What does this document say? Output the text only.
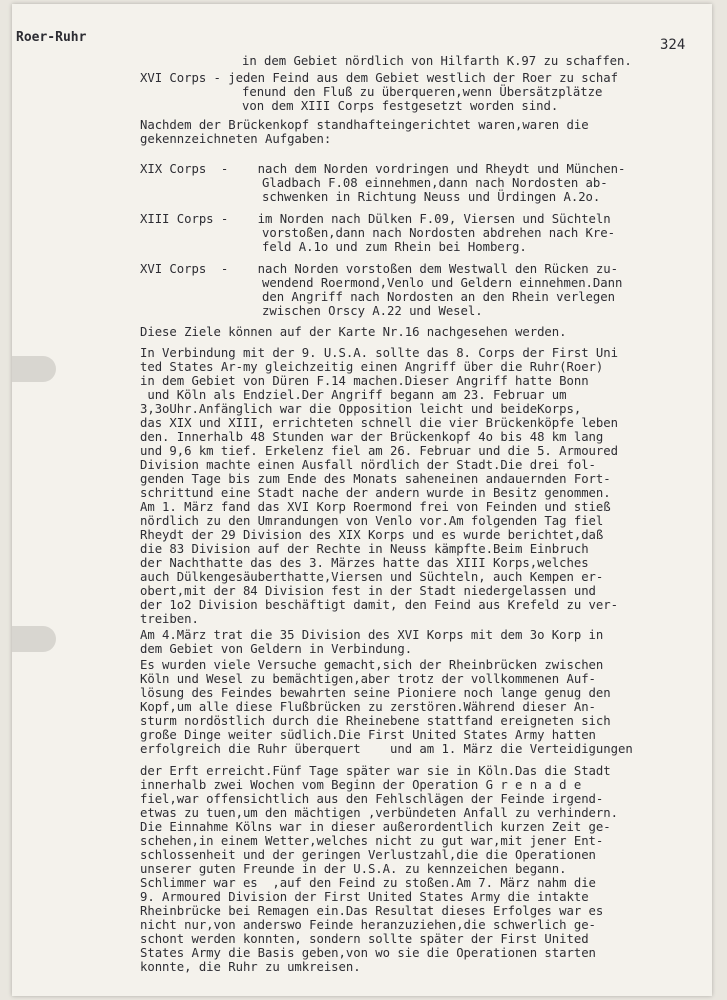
Roer-Ruhr	324
in dem Gebiet nördlich von Hilfarth K.97 zu schaffen.
XVI Corps - jeden Feind aus dem Gebiet westlich der Roer zu schaf
fenund den Fluß zu überqueren,wenn Übersätzplätze
von dem XIII Corps festgesetzt worden sind.
Nachdem der Brückenkopf standhafteingerichtet waren,waren die
gekennzeichneten Aufgaben:
XIX Corps  -    nach dem Norden vordringen und Rheydt und München-
Gladbach F.08 einnehmen,dann nach Nordosten ab-
schwenken in Richtung Neuss und Ürdingen A.2o.
XIII Corps -    im Norden nach Dülken F.09, Viersen und Süchteln
vorstoßen,dann nach Nordosten abdrehen nach Kre-
feld A.1o und zum Rhein bei Homberg.
XVI Corps  -    nach Norden vorstoßen dem Westwall den Rücken zu-
wendend Roermond,Venlo und Geldern einnehmen.Dann
den Angriff nach Nordosten an den Rhein verlegen
zwischen Orscy A.22 und Wesel.
Diese Ziele können auf der Karte Nr.16 nachgesehen werden.
In Verbindung mit der 9. U.S.A. sollte das 8. Corps der First Uni
ted States Ar-my gleichzeitig einen Angriff über die Ruhr(Roer)
in dem Gebiet von Düren F.14 machen.Dieser Angriff hatte Bonn
und Köln als Endziel.Der Angriff begann am 23. Februar um
3,3oUhr.Anfänglich war die Opposition leicht und beideKorps,
das XIX und XIII, errichteten schnell die vier Brückenköpfe leben
den. Innerhalb 48 Stunden war der Brückenkopf 4o bis 48 km lang
und 9,6 km tief. Erkelenz fiel am 26. Februar und die 5. Armoured
Division machte einen Ausfall nördlich der Stadt.Die drei fol-
genden Tage bis zum Ende des Monats saheneinen andauernden Fort-
schrittund eine Stadt nache der andern wurde in Besitz genommen.
Am 1. März fand das XVI Korp Roermond frei von Feinden und stieß
nördlich zu den Umrandungen von Venlo vor.Am folgenden Tag fiel
Rheydt der 29 Division des XIX Korps und es wurde berichtet,daß
die 83 Division auf der Rechte in Neuss kämpfte.Beim Einbruch
der Nachthatte das des 3. Märzes hatte das XIII Korps,welches
auch Dülkengesäuberthatte,Viersen und Süchteln, auch Kempen er-
obert,mit der 84 Division fest in der Stadt niedergelassen und
der 1o2 Division beschäftigt damit, den Feind aus Krefeld zu ver-
treiben.
Am 4.März trat die 35 Division des XVI Korps mit dem 3o Korp in
dem Gebiet von Geldern in Verbindung.
Es wurden viele Versuche gemacht,sich der Rheinbrücken zwischen
Köln und Wesel zu bemächtigen,aber trotz der vollkommenen Auf-
lösung des Feindes bewahrten seine Pioniere noch lange genug den
Kopf,um alle diese Flußbrücken zu zerstören.Während dieser An-
sturm nordöstlich durch die Rheinebene stattfand ereigneten sich
große Dinge weiter südlich.Die First United States Army hatten
erfolgreich die Ruhr überquert    und am 1. März die Verteidigungen
der Erft erreicht.Fünf Tage später war sie in Köln.Das die Stadt
innerhalb zwei Wochen vom Beginn der Operation G r e n a d e
fiel,war offensichtlich aus den Fehlschlägen der Feinde irgend-
etwas zu tuen,um den mächtigen ,verbündeten Anfall zu verhindern.
Die Einnahme Kölns war in dieser außerordentlich kurzen Zeit ge-
schehen,in einem Wetter,welches nicht zu gut war,mit jener Ent-
schlossenheit und der geringen Verlustzahl,die die Operationen
unserer guten Freunde in der U.S.A. zu kennzeichen begann.
Schlimmer war es  ,auf den Feind zu stoßen.Am 7. März nahm die
9. Armoured Division der First United States Army die intakte
Rheinbrücke bei Remagen ein.Das Resultat dieses Erfolges war es
nicht nur,von anderswo Feinde heranzuziehen,die schwerlich ge-
schont werden konnten, sondern sollte später der First United
States Army die Basis geben,von wo sie die Operationen starten
konnte, die Ruhr zu umkreisen.
